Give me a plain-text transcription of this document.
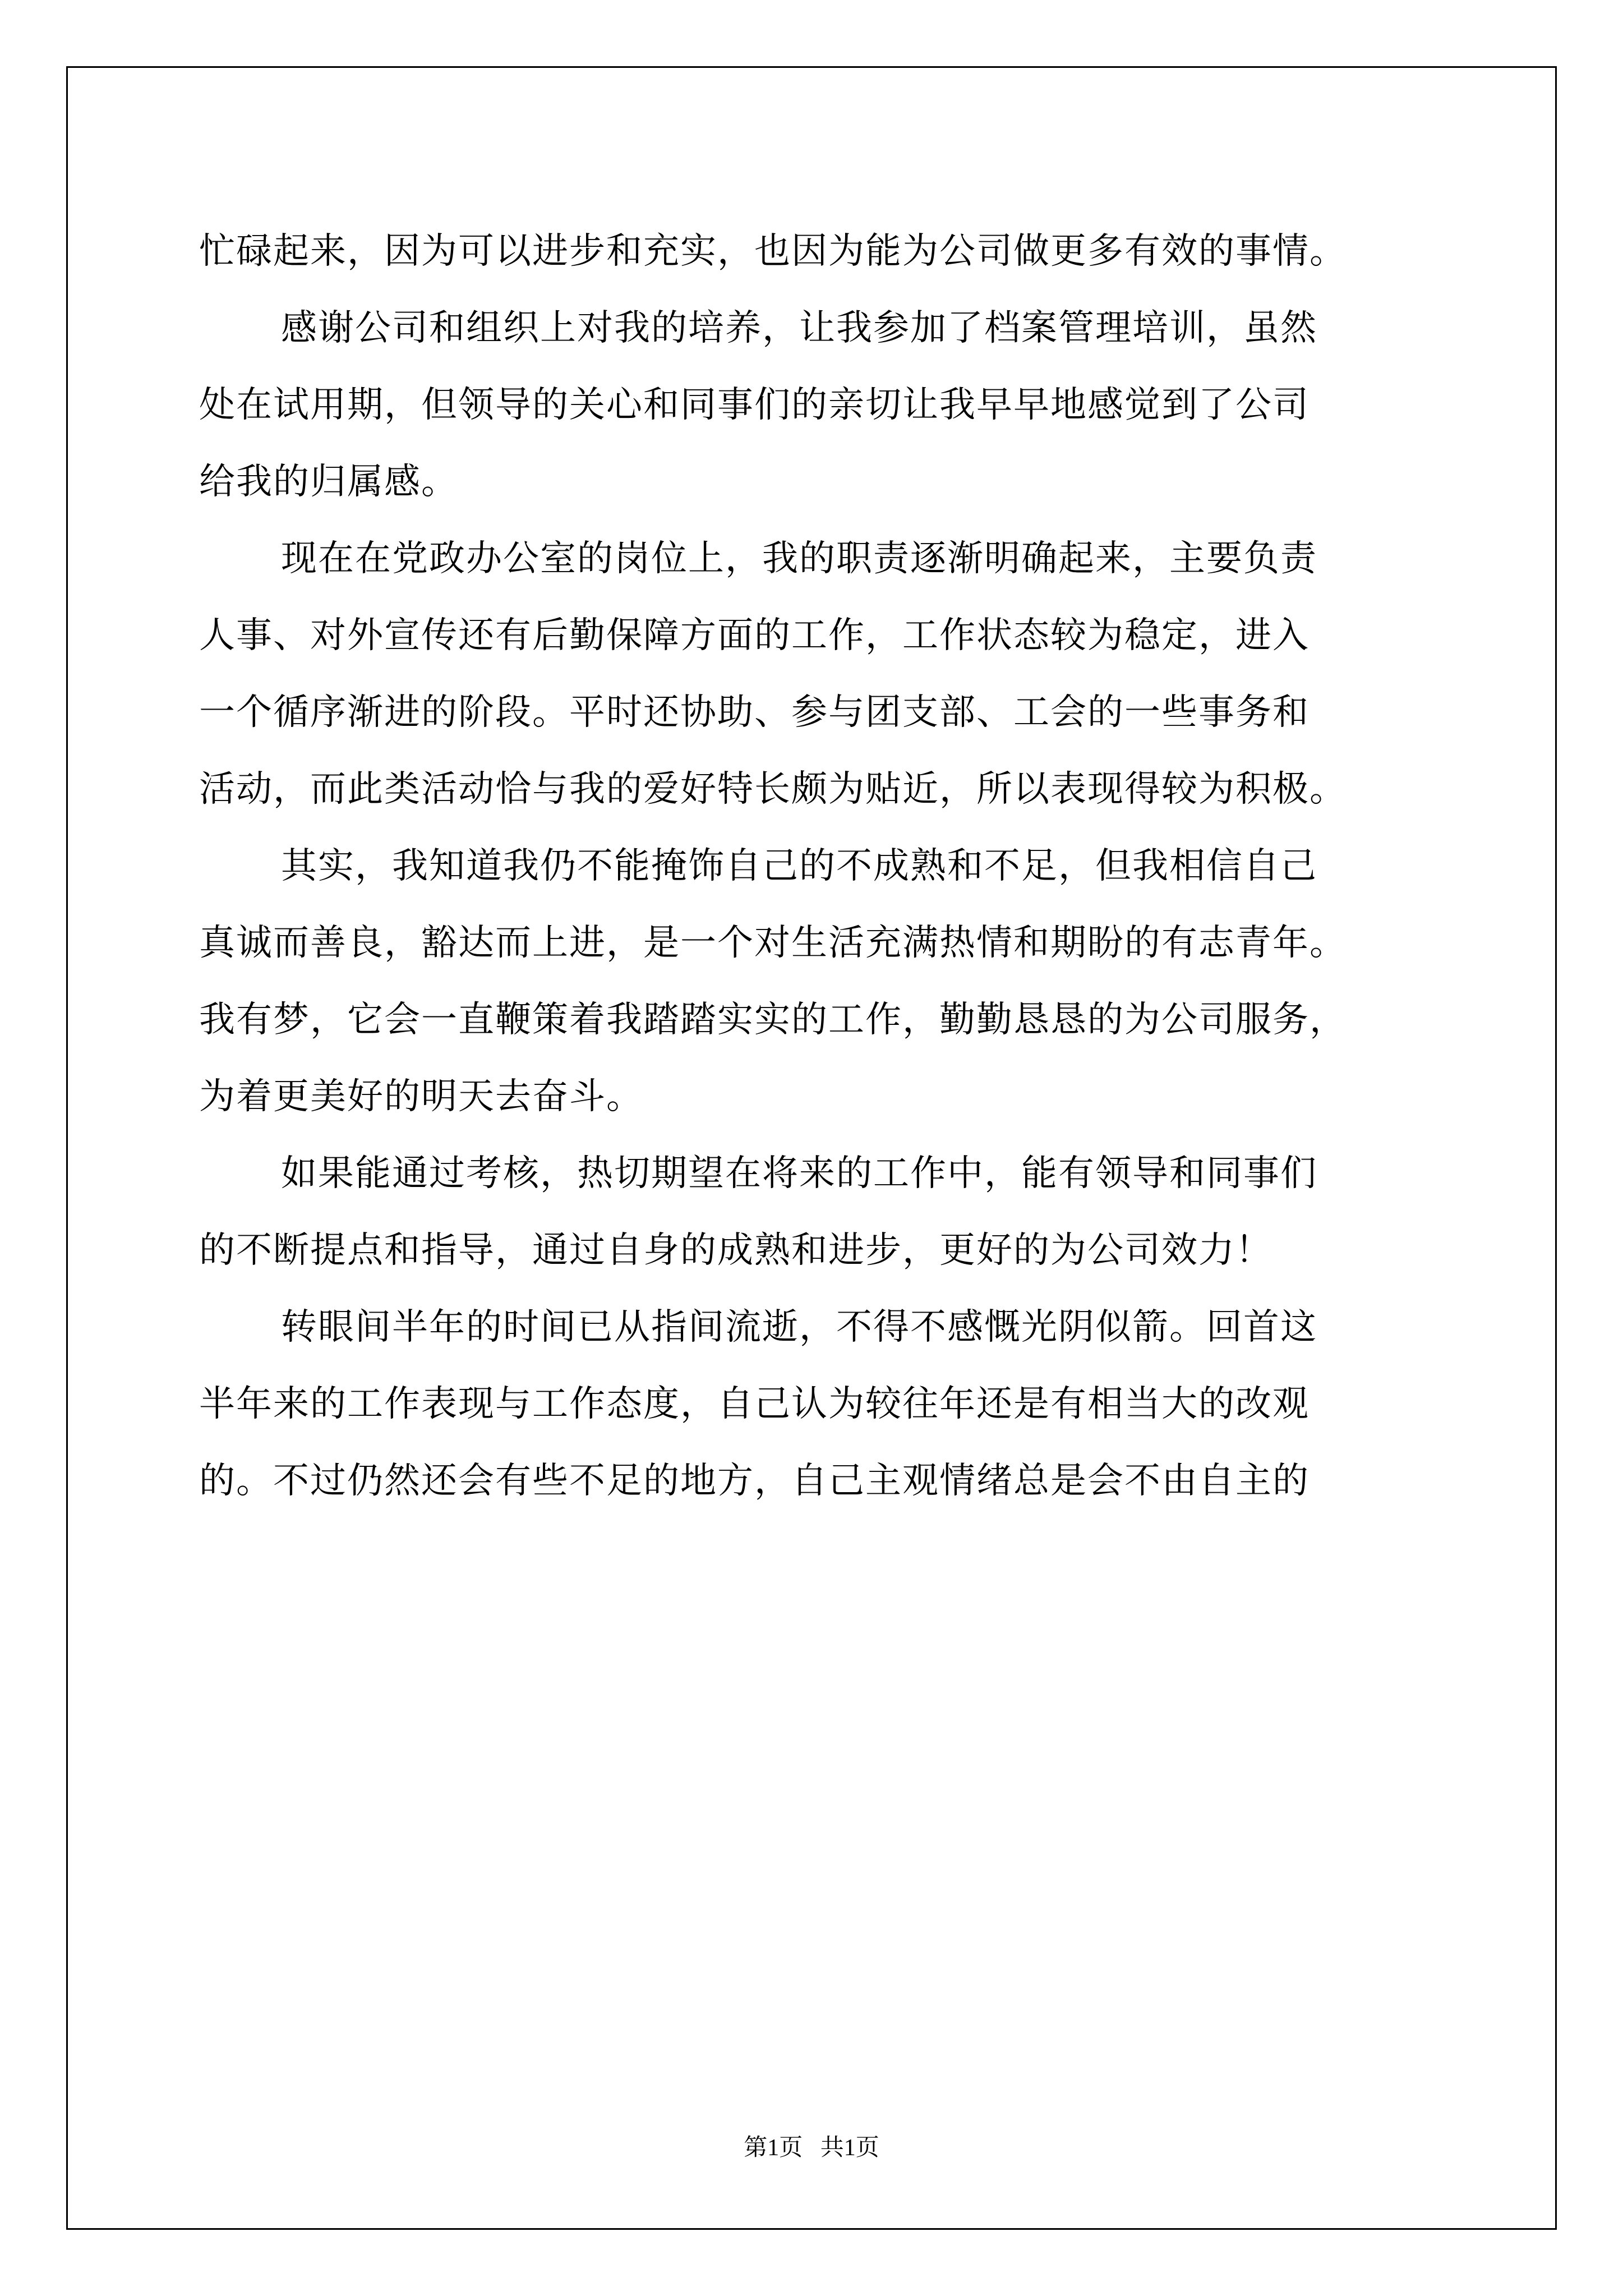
忙碌起来，因为可以进步和充实，也因为能为公司做更多有效的事情。
感谢公司和组织上对我的培养，让我参加了档案管理培训，虽然
处在试用期，但领导的关心和同事们的亲切让我早早地感觉到了公司
给我的归属感。
现在在党政办公室的岗位上，我的职责逐渐明确起来，主要负责
人事、对外宣传还有后勤保障方面的工作，工作状态较为稳定，进入
一个循序渐进的阶段。平时还协助、参与团支部、工会的一些事务和
活动，而此类活动恰与我的爱好特长颇为贴近，所以表现得较为积极。
其实，我知道我仍不能掩饰自己的不成熟和不足，但我相信自己
真诚而善良，豁达而上进，是一个对生活充满热情和期盼的有志青年。
我有梦，它会一直鞭策着我踏踏实实的工作，勤勤恳恳的为公司服务，
为着更美好的明天去奋斗。
如果能通过考核，热切期望在将来的工作中，能有领导和同事们
的不断提点和指导，通过自身的成熟和进步，更好的为公司效力！
转眼间半年的时间已从指间流逝，不得不感慨光阴似箭。回首这
半年来的工作表现与工作态度，自己认为较往年还是有相当大的改观
的。不过仍然还会有些不足的地方，自己主观情绪总是会不由自主的
第1页   共1页
